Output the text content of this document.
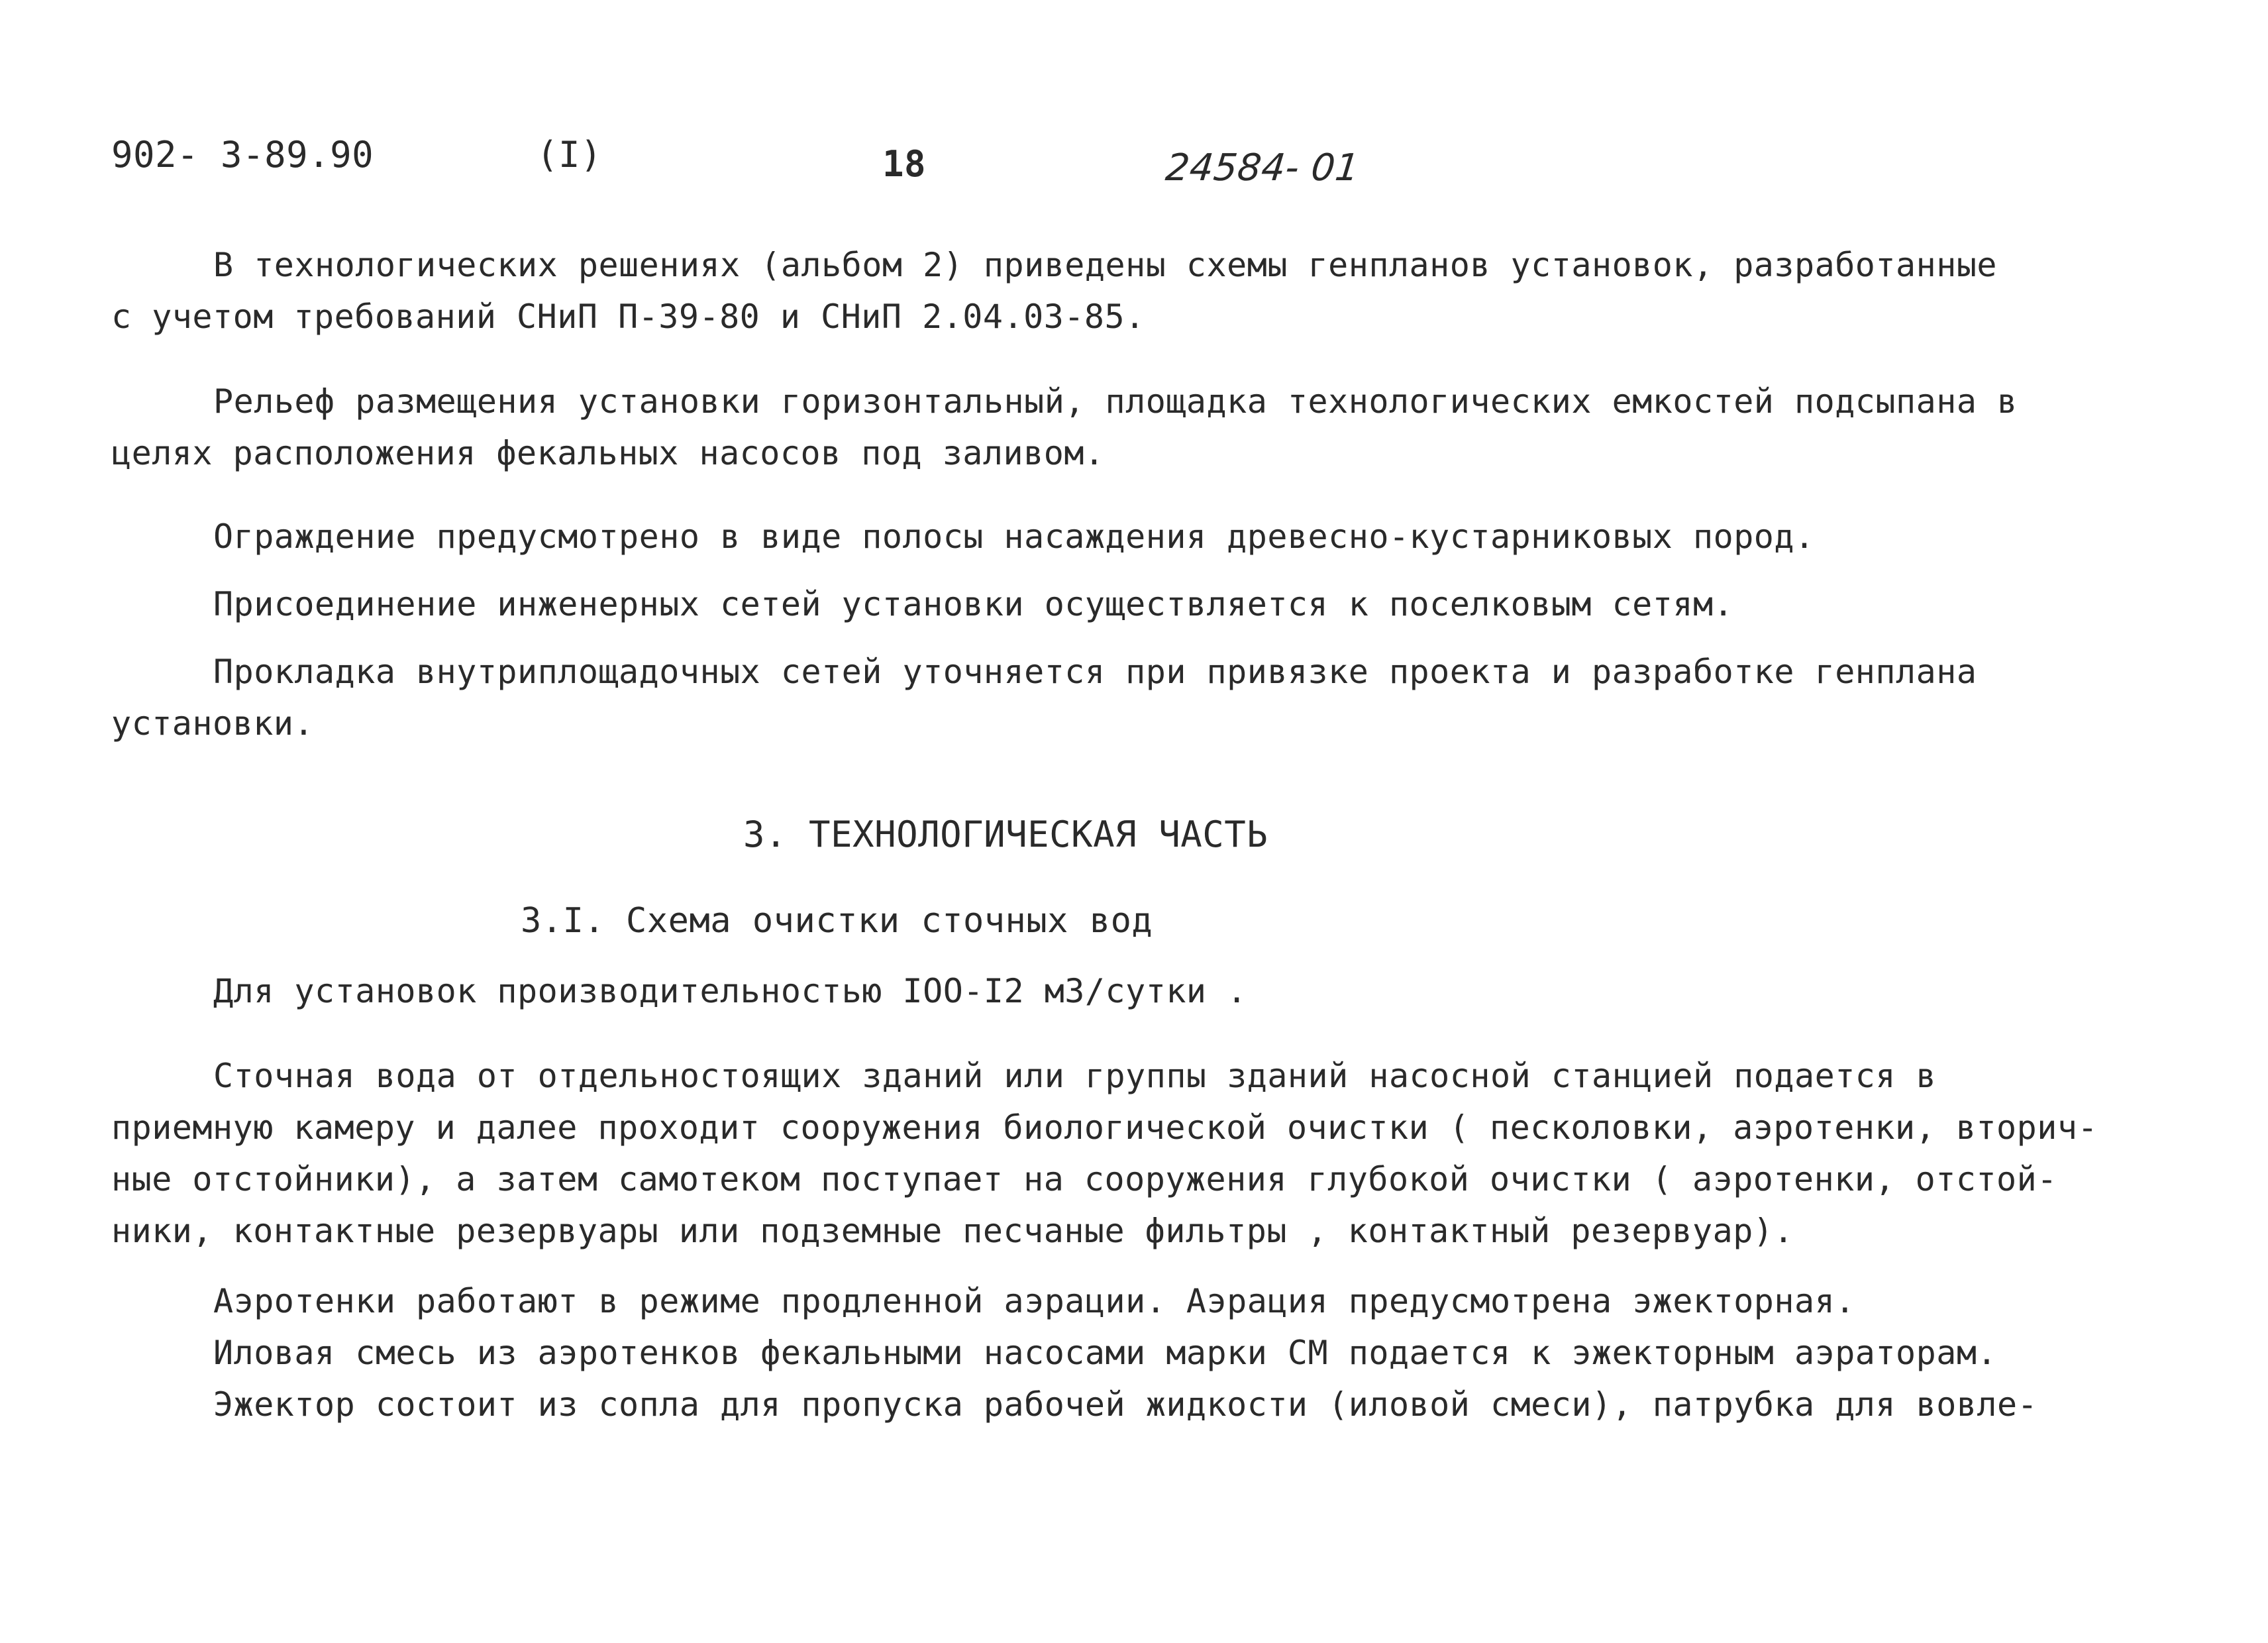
902- 3-89.90	(I)	18	24584- 01
В технологических решениях (альбом 2) приведены схемы генпланов установок, разработанные
с учетом требований СНиП П-39-80 и СНиП 2.04.03-85.
Рельеф размещения установки горизонтальный, площадка технологических емкостей подсыпана в
целях расположения фекальных насосов под заливом.
Ограждение предусмотрено в виде полосы насаждения древесно-кустарниковых пород.
Присоединение инженерных сетей установки осуществляется к поселковым сетям.
Прокладка внутриплощадочных сетей уточняется при привязке проекта и разработке генплана
установки.
3. ТЕХНОЛОГИЧЕСКАЯ ЧАСТЬ
3.I. Схема очистки сточных вод
Для установок производительностью IOO-I2 м3/сутки .
Сточная вода от отдельностоящих зданий или группы зданий насосной станцией подается в
приемную камеру и далее проходит сооружения биологической очистки ( песколовки, аэротенки, вторич-
ные отстойники), а затем самотеком поступает на сооружения глубокой очистки ( аэротенки, отстой-
ники, контактные резервуары или подземные песчаные фильтры , контактный резервуар).
Аэротенки работают в режиме продленной аэрации. Аэрация предусмотрена эжекторная.
Иловая смесь из аэротенков фекальными насосами марки СМ подается к эжекторным аэраторам.
Эжектор состоит из сопла для пропуска рабочей жидкости (иловой смеси), патрубка для вовле-
